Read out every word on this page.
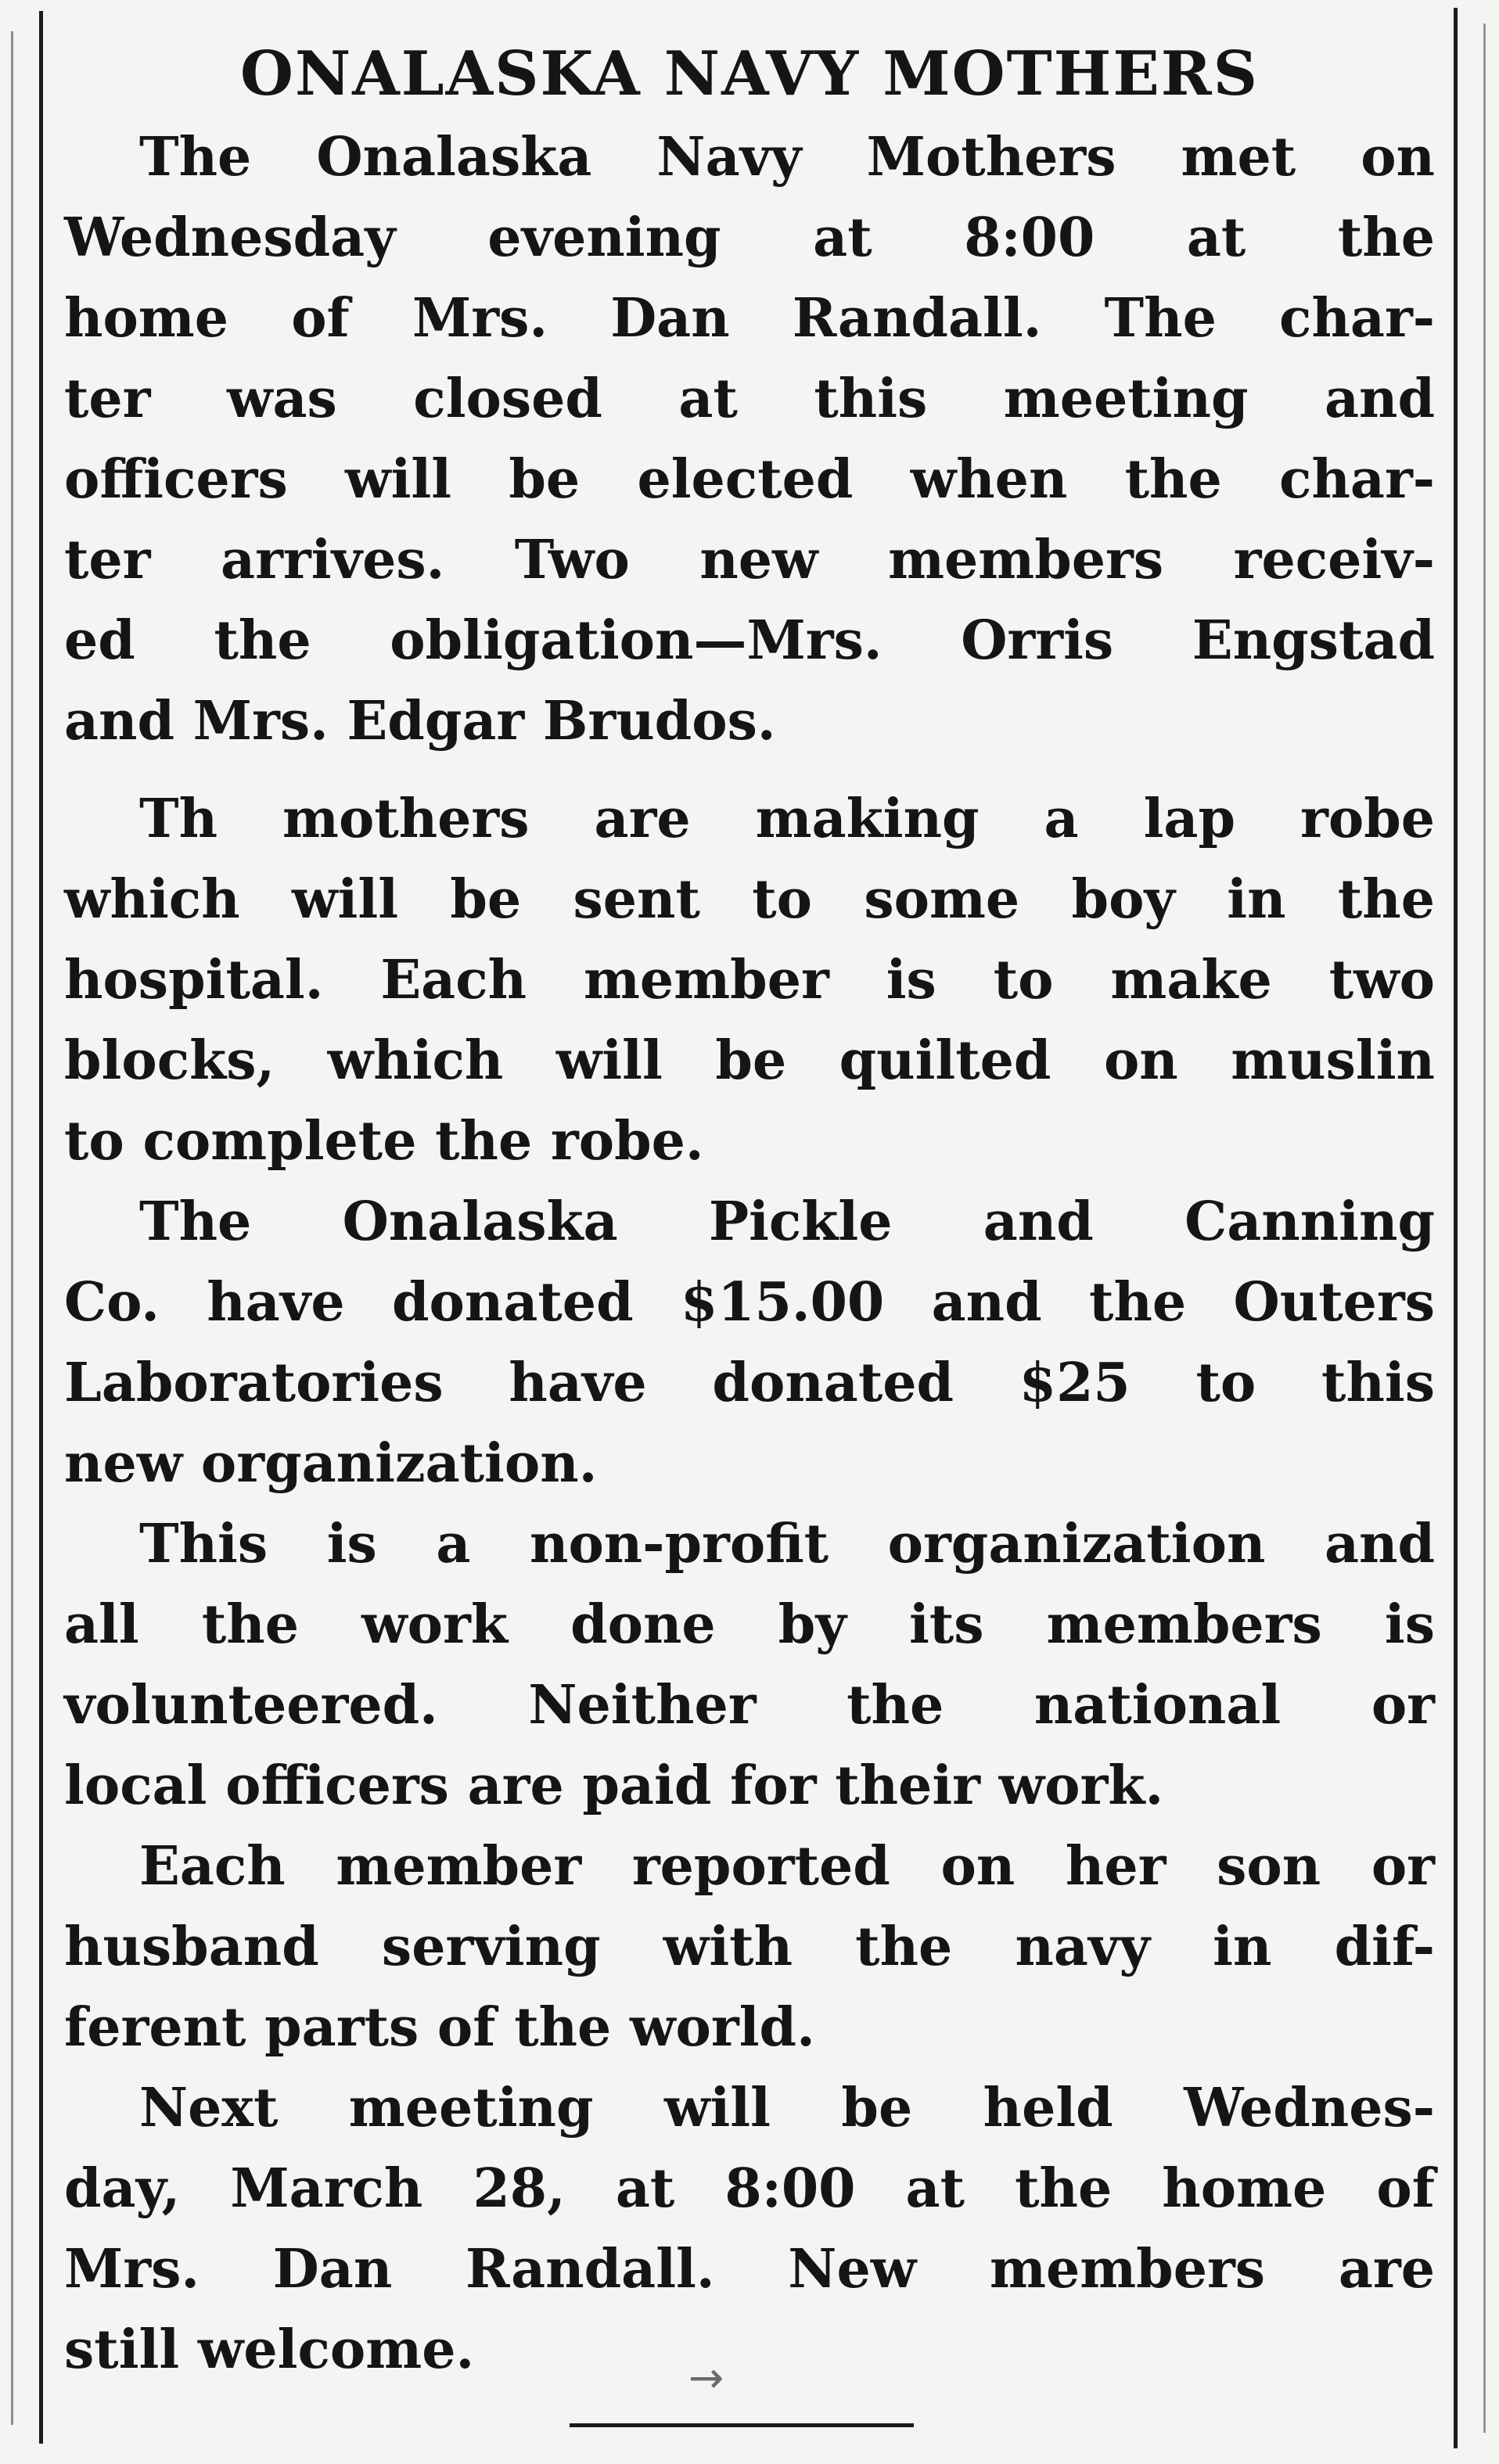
ONALASKA NAVY MOTHERS
The Onalaska Navy Mothers met on
Wednesday evening at 8:00 at the
home of Mrs. Dan Randall. The char-
ter was closed at this meeting and
officers will be elected when the char-
ter arrives. Two new members receiv-
ed the obligation—Mrs. Orris Engstad
and Mrs. Edgar Brudos.
Th mothers are making a lap robe
which will be sent to some boy in the
hospital. Each member is to make two
blocks, which will be quilted on muslin
to complete the robe.
The Onalaska Pickle and Canning
Co. have donated $15.00 and the Outers
Laboratories have donated $25 to this
new organization.
This is a non-profit organization and
all the work done by its members is
volunteered. Neither the national or
local officers are paid for their work.
Each member reported on her son or
husband serving with the navy in dif-
ferent parts of the world.
Next meeting will be held Wednes-
day, March 28, at 8:00 at the home of
Mrs. Dan Randall. New members are
still welcome.	→
